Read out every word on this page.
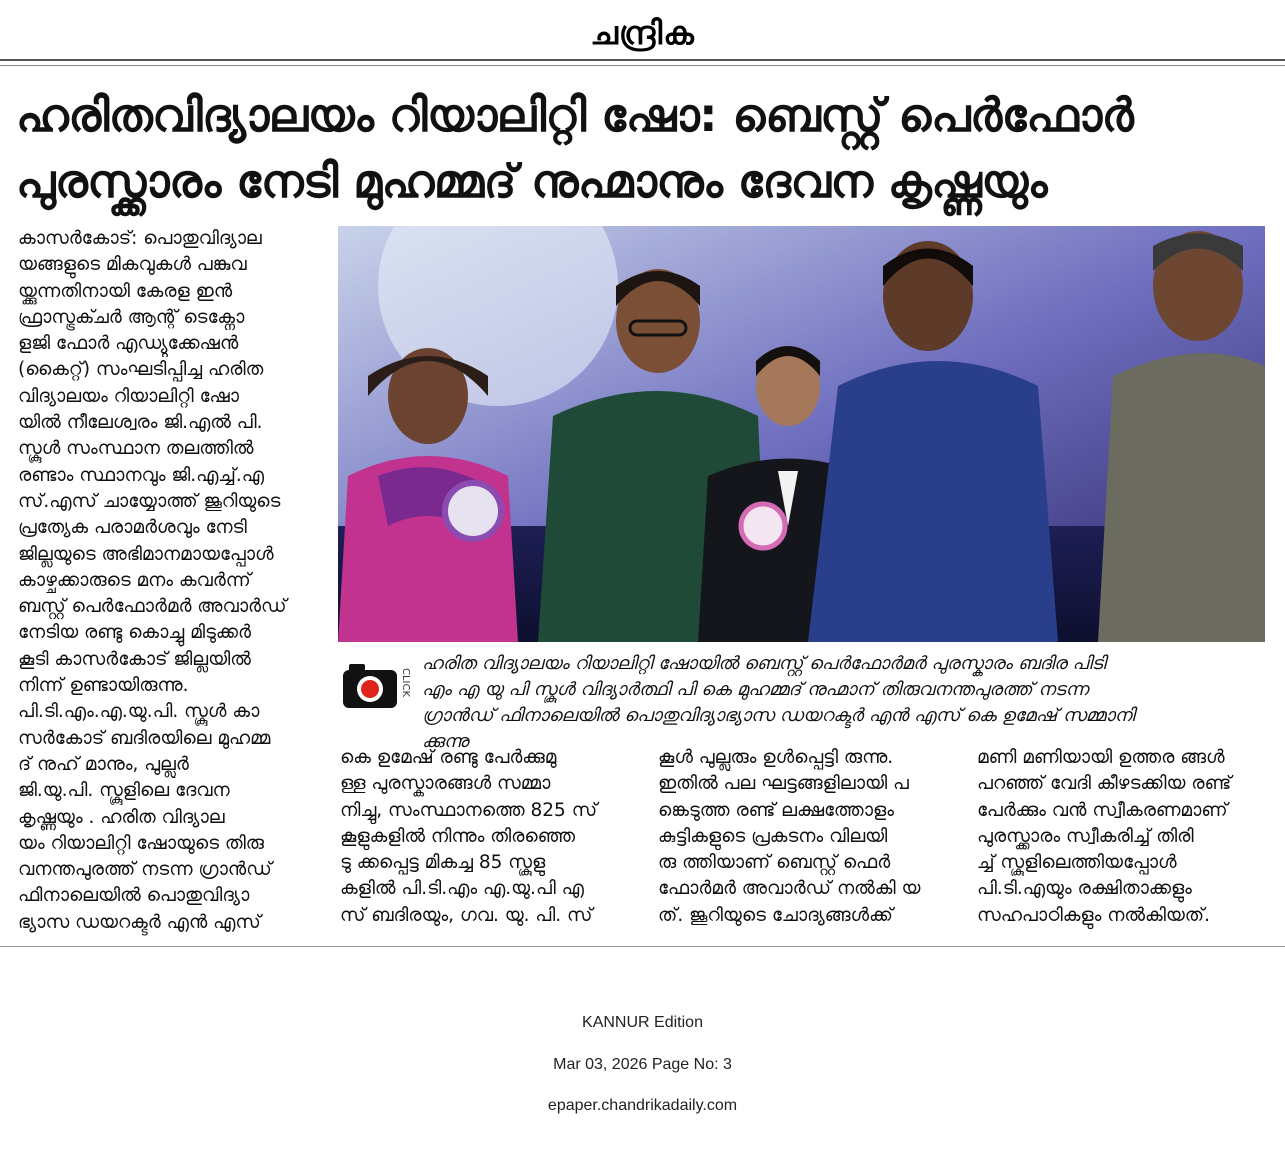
ചന്ദ്രിക
ഹരിതവിദ്യാലയം റിയാലിറ്റി ഷോ: ബെസ്റ്റ് പെർഫോർ
പുരസ്ക്കാരം നേടി മുഹമ്മദ് നുഹ്മാനും ദേവന കൃഷ്ണയും
കാസർകോട്: പൊതുവിദ്യാല
യങ്ങളുടെ മികവുകൾ പങ്കുവ
യ്ക്കുന്നതിനായി കേരള ഇൻ
ഫ്രാസ്ട്രക്ചർ ആന്റ് ടെക്നോ
ളജി ഫോർ എഡ്യുക്കേഷൻ
(കൈറ്റ്) സംഘടിപ്പിച്ച ഹരിത
വിദ്യാലയം റിയാലിറ്റി ഷോ
യിൽ നീലേശ്വരം ജി.എൽ പി.
സ്കൂൾ സംസ്ഥാന തലത്തിൽ
രണ്ടാം സ്ഥാനവും ജി.എച്ച്.എ
സ്.എസ് ചായ്യോത്ത് ജൂറിയുടെ
പ്രത്യേക പരാമർശവും നേടി
ജില്ലയുടെ അഭിമാനമായപ്പോൾ
കാഴ്ചക്കാരുടെ മനം കവർന്ന്
ബസ്റ്റ് പെർഫോർമർ അവാർഡ്
നേടിയ രണ്ടു കൊച്ചു മിടുക്കർ
കൂടി കാസർകോട് ജില്ലയിൽ
നിന്ന് ഉണ്ടായിരുന്നു.
പി.ടി.എം.എ.യു.പി. സ്കൂൾ കാ
സർകോട് ബദിരയിലെ മുഹമ്മ
ദ് നുഹ് മാനും, പുല്ലൂർ
ജി.യു.പി. സ്കൂളിലെ ദേവന
കൃഷ്ണയും . ഹരിത വിദ്യാല
യം റിയാലിറ്റി ഷോയുടെ തിരു
വനന്തപുരത്ത് നടന്ന ഗ്രാൻഡ്
ഫിനാലെയിൽ പൊതുവിദ്യാ
ഭ്യാസ ഡയറക്ടർ എൻ എസ്
CLICK
ഹരിത വിദ്യാലയം റിയാലിറ്റി ഷോയിൽ ബെസ്റ്റ് പെർഫോർമർ പുരസ്കാരം ബദിര പിടി
എം എ യു പി സ്കൂൾ വിദ്യാർത്ഥി പി കെ മുഹമ്മദ് നുഹ്മാന് തിരുവനന്തപുരത്ത് നടന്ന
ഗ്രാൻഡ് ഫിനാലെയിൽ പൊതുവിദ്യാഭ്യാസ ഡയറക്ടർ എൻ എസ് കെ ഉമേഷ് സമ്മാനി
ക്കുന്നു
കെ ഉമേഷ് രണ്ടു പേർക്കുമു
ള്ള പുരസ്കാരങ്ങൾ സമ്മാ
നിച്ചു, സംസ്ഥാനത്തെ 825 സ്
കൂളുകളിൽ നിന്നും തിരഞ്ഞെ
ടു ക്കപ്പെട്ട മികച്ച 85 സ്കൂളു
കളിൽ പി.ടി.എം എ.യു.പി എ
സ് ബദിരയും, ഗവ. യു. പി. സ്
കൂൾ പുല്ലൂരും ഉൾപ്പെട്ടി രുന്നു.
ഇതിൽ പല ഘട്ടങ്ങളിലായി പ
ങ്കെടുത്ത രണ്ട് ലക്ഷത്തോളം
കുട്ടികളുടെ പ്രകടനം വിലയി
രു ത്തിയാണ് ബെസ്റ്റ് ഫെർ
ഫോർമർ അവാർഡ് നൽകി യ
ത്. ജൂറിയുടെ ചോദ്യങ്ങൾക്ക്
മണി മണിയായി ഉത്തര ങ്ങൾ
പറഞ്ഞ് വേദി കീഴടക്കിയ രണ്ട്
പേർക്കും വൻ സ്വീകരണമാണ്
പുരസ്ക്കാരം സ്വീകരിച്ച് തിരി
ച്ച് സ്കൂളിലെത്തിയപ്പോൾ
പി.ടി.എയും രക്ഷിതാക്കളും
സഹപാഠികളും നൽകിയത്.
KANNUR Edition
Mar 03, 2026 Page No: 3
epaper.chandrikadaily.com
